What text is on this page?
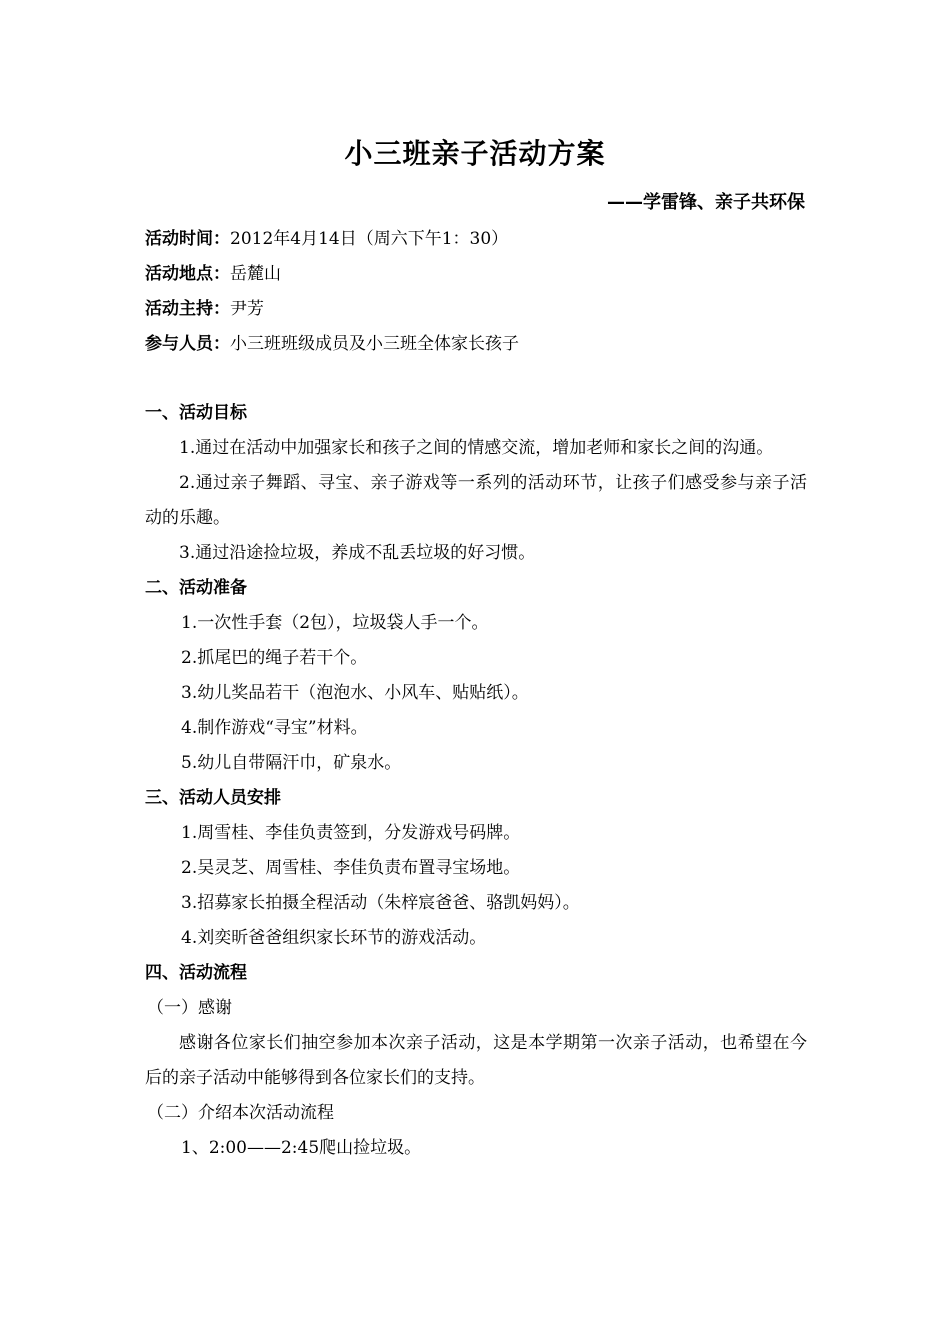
小三班亲子活动方案
——学雷锋、亲子共环保
活动时间：2012年4月14日（周六下午1：30）
活动地点：岳麓山
活动主持：尹芳
参与人员：小三班班级成员及小三班全体家长孩子
一、活动目标
1.通过在活动中加强家长和孩子之间的情感交流，增加老师和家长之间的沟通。
2.通过亲子舞蹈、寻宝、亲子游戏等一系列的活动环节，让孩子们感受参与亲子活动的乐趣。
3.通过沿途捡垃圾，养成不乱丢垃圾的好习惯。
二、活动准备
1.一次性手套（2包），垃圾袋人手一个。
2.抓尾巴的绳子若干个。
3.幼儿奖品若干（泡泡水、小风车、贴贴纸）。
4.制作游戏“寻宝”材料。
5.幼儿自带隔汗巾，矿泉水。
三、活动人员安排
1.周雪桂、李佳负责签到，分发游戏号码牌。
2.吴灵芝、周雪桂、李佳负责布置寻宝场地。
3.招募家长拍摄全程活动（朱梓宸爸爸、骆凯妈妈）。
4.刘奕昕爸爸组织家长环节的游戏活动。
四、活动流程
（一）感谢
感谢各位家长们抽空参加本次亲子活动，这是本学期第一次亲子活动，也希望在今后的亲子活动中能够得到各位家长们的支持。
（二）介绍本次活动流程
1、2:00——2:45爬山捡垃圾。
